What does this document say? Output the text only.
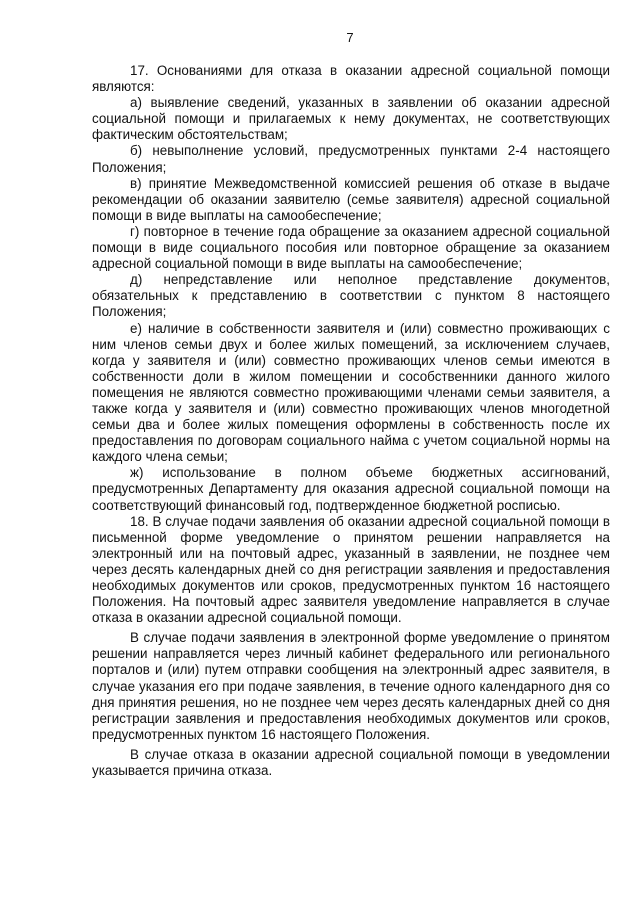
7

17. Основаниями для отказа в оказании адресной социальной помощи являются:

а) выявление сведений, указанных в заявлении об оказании адресной социальной помощи и прилагаемых к нему документах, не соответствующих фактическим обстоятельствам;

б) невыполнение условий, предусмотренных пунктами 2-4 настоящего Положения;

в) принятие Межведомственной комиссией решения об отказе в выдаче рекомендации об оказании заявителю (семье заявителя) адресной социальной помощи в виде выплаты на самообеспечение;

г) повторное в течение года обращение за оказанием адресной социальной помощи в виде социального пособия или повторное обращение за оказанием адресной социальной помощи в виде выплаты на самообеспечение;

д) непредставление или неполное представление документов, обязательных к представлению в соответствии с пунктом 8 настоящего Положения;

е) наличие в собственности заявителя и (или) совместно проживающих с ним членов семьи двух и более жилых помещений, за исключением случаев, когда у заявителя и (или) совместно проживающих членов семьи имеются в собственности доли в жилом помещении и сособственники данного жилого помещения не являются совместно проживающими членами семьи заявителя, а также когда у заявителя и (или) совместно проживающих членов многодетной семьи два и более жилых помещения оформлены в собственность после их предоставления по договорам социального найма с учетом социальной нормы на каждого члена семьи;

ж) использование в полном объеме бюджетных ассигнований, предусмотренных Департаменту для оказания адресной социальной помощи на соответствующий финансовый год, подтвержденное бюджетной росписью.

18. В случае подачи заявления об оказании адресной социальной помощи в письменной форме уведомление о принятом решении направляется на электронный или на почтовый адрес, указанный в заявлении, не позднее чем через десять календарных дней со дня регистрации заявления и предоставления необходимых документов или сроков, предусмотренных пунктом 16 настоящего Положения. На почтовый адрес заявителя уведомление направляется в случае отказа в оказании адресной социальной помощи.

В случае подачи заявления в электронной форме уведомление о принятом решении направляется через личный кабинет федерального или регионального порталов и (или) путем отправки сообщения на электронный адрес заявителя, в случае указания его при подаче заявления, в течение одного календарного дня со дня принятия решения, но не позднее чем через десять календарных дней со дня регистрации заявления и предоставления необходимых документов или сроков, предусмотренных пунктом 16 настоящего Положения.

В случае отказа в оказании адресной социальной помощи в уведомлении указывается причина отказа.
